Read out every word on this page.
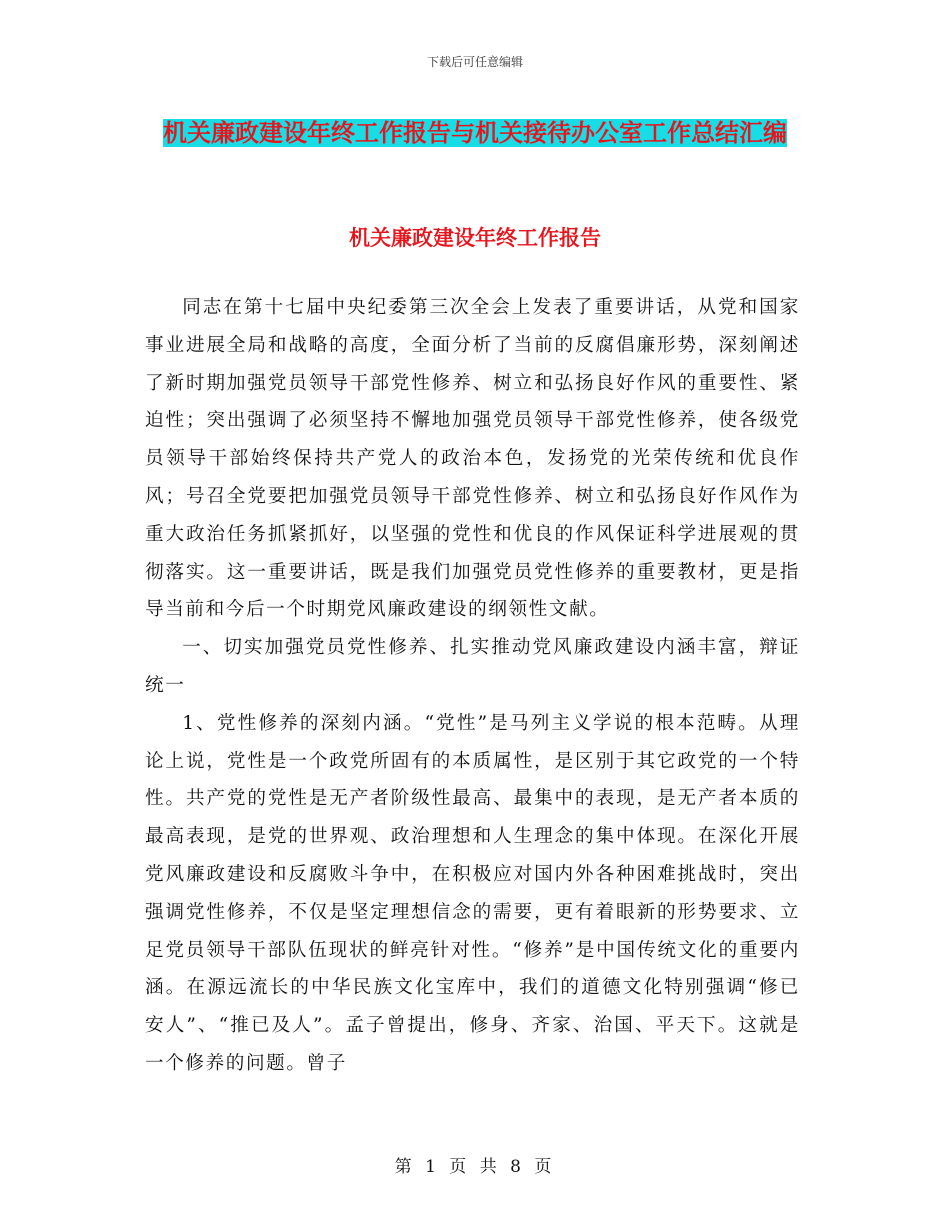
下载后可任意编辑
机关廉政建设年终工作报告与机关接待办公室工作总结汇编
机关廉政建设年终工作报告

同志在第十七届中央纪委第三次全会上发表了重要讲话，从党和国家事业进展全局和战略的高度，全面分析了当前的反腐倡廉形势，深刻阐述了新时期加强党员领导干部党性修养、树立和弘扬良好作风的重要性、紧迫性；突出强调了必须坚持不懈地加强党员领导干部党性修养，使各级党员领导干部始终保持共产党人的政治本色，发扬党的光荣传统和优良作风；号召全党要把加强党员领导干部党性修养、树立和弘扬良好作风作为重大政治任务抓紧抓好，以坚强的党性和优良的作风保证科学进展观的贯彻落实。这一重要讲话，既是我们加强党员党性修养的重要教材，更是指导当前和今后一个时期党风廉政建设的纲领性文献。

一、切实加强党员党性修养、扎实推动党风廉政建设内涵丰富，辩证统一

1、党性修养的深刻内涵。“党性”是马列主义学说的根本范畴。从理论上说，党性是一个政党所固有的本质属性，是区别于其它政党的一个特性。共产党的党性是无产者阶级性最高、最集中的表现，是无产者本质的最高表现，是党的世界观、政治理想和人生理念的集中体现。在深化开展党风廉政建设和反腐败斗争中，在积极应对国内外各种困难挑战时，突出强调党性修养，不仅是坚定理想信念的需要，更有着眼新的形势要求、立足党员领导干部队伍现状的鲜亮针对性。“修养”是中国传统文化的重要内涵。在源远流长的中华民族文化宝库中，我们的道德文化特别强调“修已安人”、“推已及人”。孟子曾提出，修身、齐家、治国、平天下。这就是一个修养的问题。曾子

第 1 页 共 8 页
